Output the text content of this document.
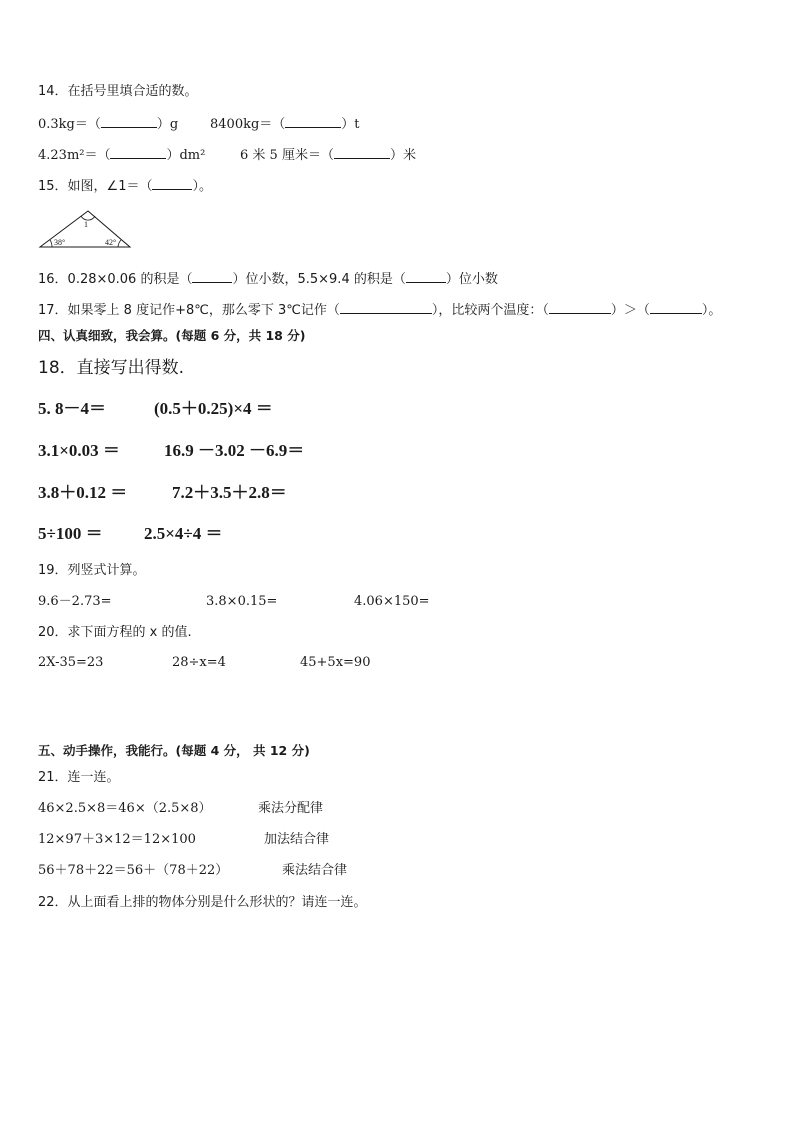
14．在括号里填合适的数。
0.3kg＝（	）g 8400kg＝（	）t
4.23m²＝（	）dm²	6 米 5 厘米＝（	）米
15．如图，∠1＝（	）。
1
38°	42°
16．0.28×0.06 的积是（	）位小数，5.5×9.4 的积是（	）位小数
17．如果零上 8 度记作+8℃，那么零下 3℃记作（	），比较两个温度：（	）＞（	）。
四、认真细致，我会算。(每题 6 分，共 18 分)
18．直接写出得数.
5. 8－4＝	(0.5＋0.25)×4 ＝
3.1×0.03 ＝	16.9 －3.02 －6.9＝
3.8＋0.12 ＝	7.2＋3.5＋2.8＝
5÷100 ＝ 2.5×4÷4 ＝
19．列竖式计算。
9.6－2.73=	3.8×0.15=	4.06×150=
20．求下面方程的 x 的值.
2X-35=23	28÷x=4	45+5x=90
五、动手操作，我能行。(每题 4 分， 共 12 分)
21．连一连。
46×2.5×8＝46×（2.5×8）	乘法分配律
12×97＋3×12＝12×100	加法结合律
56＋78＋22＝56＋（78＋22）	乘法结合律
22．从上面看上排的物体分别是什么形状的？请连一连。
